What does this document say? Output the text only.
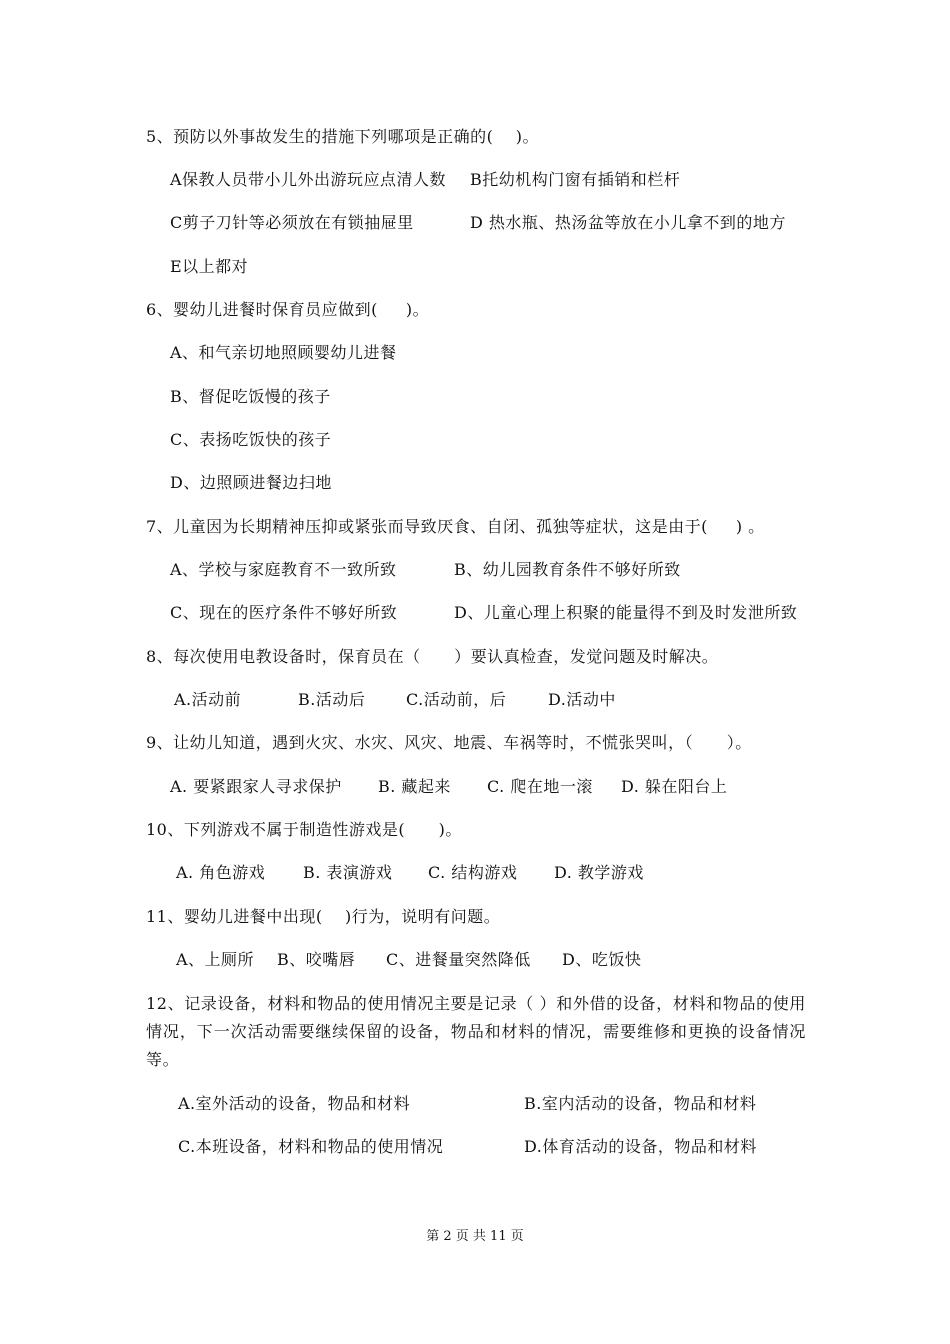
5、预防以外事故发生的措施下列哪项是正确的(    )。

A保教人员带小儿外出游玩应点清人数

B托幼机构门窗有插销和栏杆

C剪子刀针等必须放在有锁抽屉里

	D 热水瓶、热汤盆等放在小儿拿不到的地方

E以上都对
6、婴幼儿进餐时保育员应做到(     )。
A、和气亲切地照顾婴幼儿进餐
B、督促吃饭慢的孩子
C、表扬吃饭快的孩子
D、边照顾进餐边扫地
7、儿童因为长期精神压抑或紧张而导致厌食、自闭、孤独等症状，这是由于(     ) 。

A、学校与家庭教育不一致所致

	B、幼儿园教育条件不够好所致

C、现在的医疗条件不够好所致

	D、儿童心理上积聚的能量得不到及时发泄所致

8、每次使用电教设备时，保育员在（      ）要认真检查，发觉问题及时解决。

A.活动前

	B.活动后

	C.活动前，后

	D.活动中

9、让幼儿知道，遇到火灾、水灾、风灾、地震、车祸等时，不慌张哭叫，（      ）。

A. 要紧跟家人寻求保护

B. 藏起来

C. 爬在地一滚

D. 躲在阳台上

10、下列游戏不属于制造性游戏是(      )。

A. 角色游戏

B. 表演游戏

C. 结构游戏

D. 教学游戏

11、婴幼儿进餐中出现(    )行为，说明有问题。

A、上厕所

B、咬嘴唇

C、进餐量突然降低

D、吃饭快

12、记录设备，材料和物品的使用情况主要是记录（ ）和外借的设备，材料和物品的使用情况，下一次活动需要继续保留的设备，物品和材料的情况，需要维修和更换的设备情况等。

A.室外活动的设备，物品和材料

	B.室内活动的设备，物品和材料

C.本班设备，材料和物品的使用情况

	D.体育活动的设备，物品和材料

第 2 页 共 11 页
